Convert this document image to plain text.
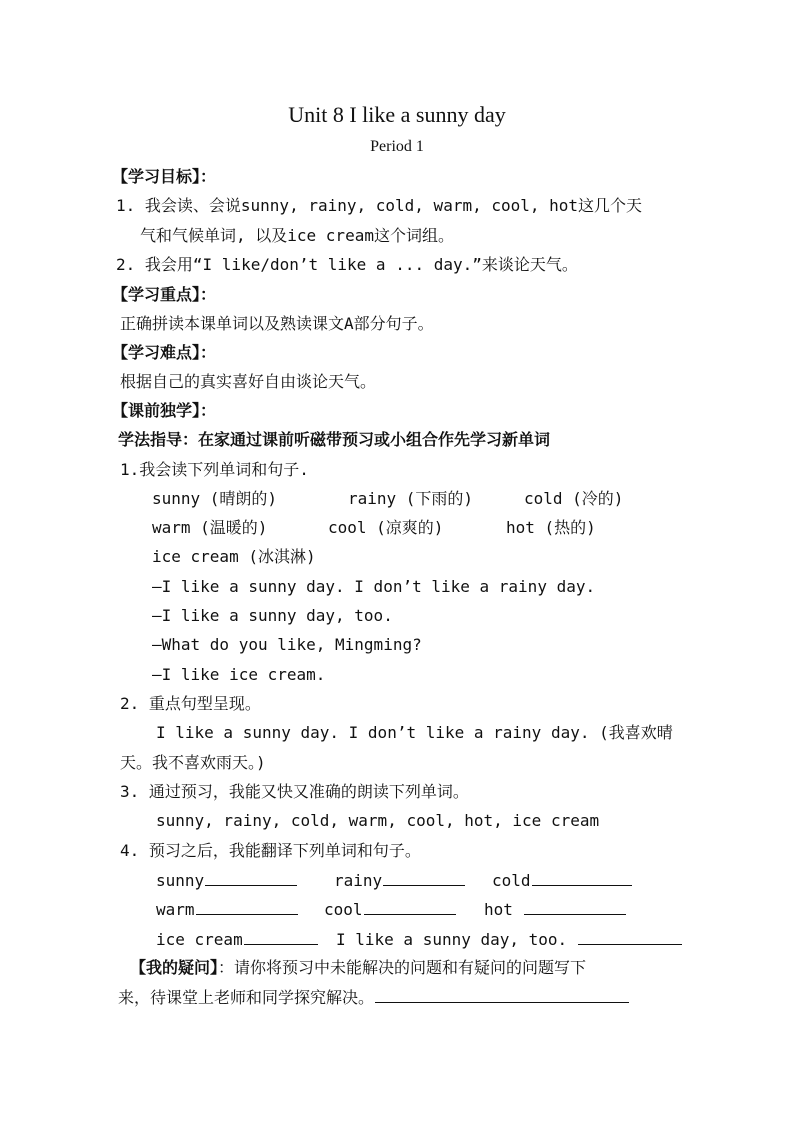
Unit 8 I like a sunny day
Period 1
【学习目标】：
1. 我会读、会说sunny, rainy, cold, warm, cool, hot这几个天
气和气候单词, 以及ice cream这个词组。
2. 我会用“I like/don’t like a ... day.”来谈论天气。
【学习重点】：
正确拼读本课单词以及熟读课文A部分句子。
【学习难点】：
根据自己的真实喜好自由谈论天气。
【课前独学】：
学法指导：在家通过课前听磁带预习或小组合作先学习新单词
1.我会读下列单词和句子.
sunny (晴朗的)	rainy (下雨的)	cold (冷的)
warm (温暖的)	cool (凉爽的)	hot (热的)
ice cream (冰淇淋)
—I like a sunny day. I don’t like a rainy day.
—I like a sunny day, too.
—What do you like, Mingming?
—I like ice cream.
2. 重点句型呈现。
I like a sunny day. I don’t like a rainy day. (我喜欢晴
天。我不喜欢雨天。)
3. 通过预习，我能又快又准确的朗读下列单词。
sunny, rainy, cold, warm, cool, hot, ice cream
4. 预习之后，我能翻译下列单词和句子。
sunny	rainy	cold
warm	cool	hot
ice cream	I like a sunny day, too.
【我的疑问】：请你将预习中未能解决的问题和有疑问的问题写下
来，待课堂上老师和同学探究解决。
